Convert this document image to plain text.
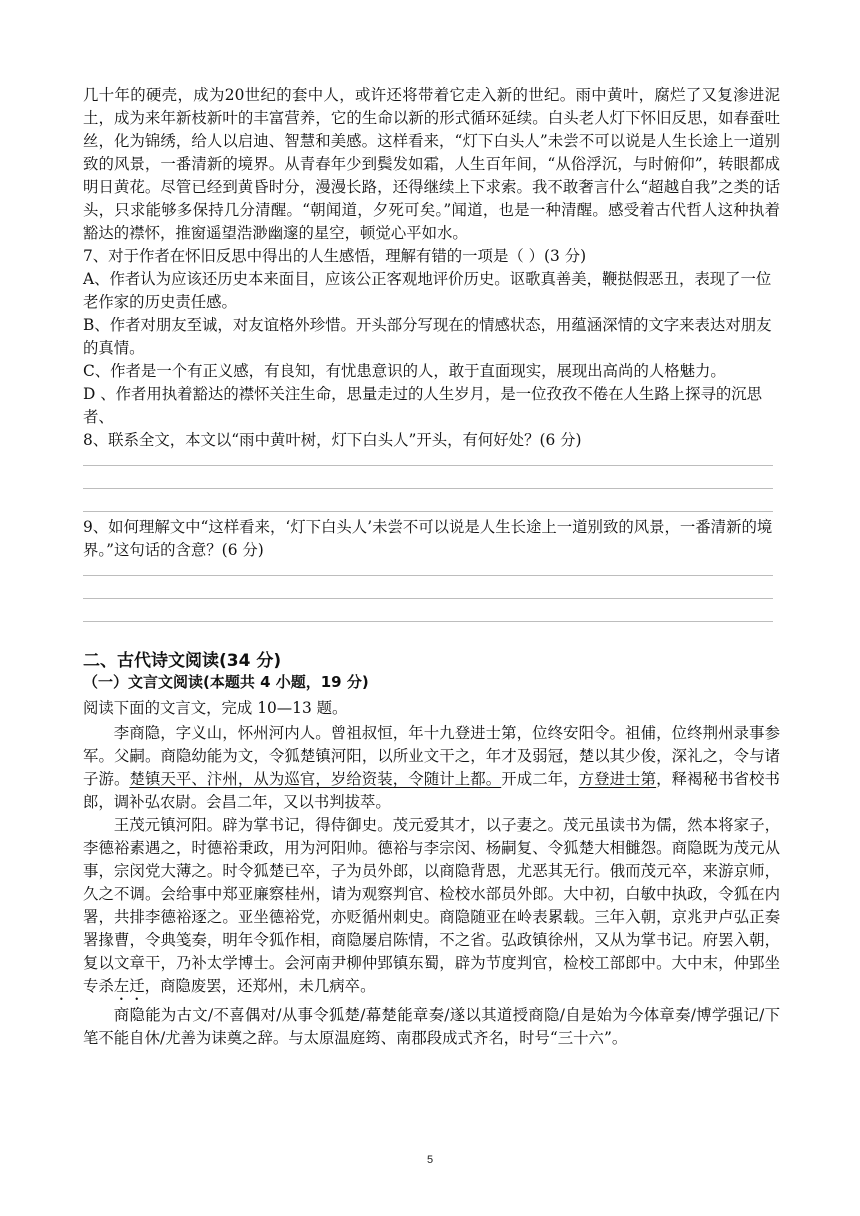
几十年的硬壳，成为20世纪的套中人，或许还将带着它走入新的世纪。雨中黄叶，腐烂了又复渗进泥土，成为来年新枝新叶的丰富营养，它的生命以新的形式循环延续。白头老人灯下怀旧反思，如春蚕吐丝，化为锦绣，给人以启迪、智慧和美感。这样看来，“灯下白头人”未尝不可以说是人生长途上一道别致的风景，一番清新的境界。从青春年少到鬓发如霜，人生百年间，“从俗浮沉，与时俯仰”，转眼都成明日黄花。尽管已经到黄昏时分，漫漫长路，还得继续上下求索。我不敢奢言什么“超越自我”之类的话头，只求能够多保持几分清醒。“朝闻道，夕死可矣。”闻道，也是一种清醒。感受着古代哲人这种执着豁达的襟怀，推窗遥望浩渺幽邃的星空，顿觉心平如水。

7、对于作者在怀旧反思中得出的人生感悟，理解有错的一项是（ ）(3 分)

A、作者认为应该还历史本来面目，应该公正客观地评价历史。讴歌真善美，鞭挞假恶丑，表现了一位老作家的历史责任感。

B、作者对朋友至诚，对友谊格外珍惜。开头部分写现在的情感状态，用蕴涵深情的文字来表达对朋友的真情。

C、作者是一个有正义感，有良知，有忧患意识的人，敢于直面现实，展现出高尚的人格魅力。

D 、作者用执着豁达的襟怀关注生命，思量走过的人生岁月，是一位孜孜不倦在人生路上探寻的沉思者、

8、联系全文，本文以“雨中黄叶树，灯下白头人”开头，有何好处？(6 分)

9、如何理解文中“这样看来，‘灯下白头人’未尝不可以说是人生长途上一道别致的风景，一番清新的境界。”这句话的含意？(6 分)

二、古代诗文阅读(34 分)

（一）文言文阅读(本题共 4 小题，19 分)

阅读下面的文言文，完成 10—13 题。

李商隐，字义山，怀州河内人。曾祖叔恒，年十九登进士第，位终安阳令。祖俌，位终荆州录事参军。父嗣。商隐幼能为文，令狐楚镇河阳，以所业文干之，年才及弱冠，楚以其少俊，深礼之，令与诸子游。楚镇天平、汴州，从为巡官，岁给资装，令随计上都。开成二年，方登进士第，释褐秘书省校书郎，调补弘农尉。会昌二年，又以书判拔萃。

王茂元镇河阳。辟为掌书记，得侍御史。茂元爱其才，以子妻之。茂元虽读书为儒，然本将家子，李德裕素遇之，时德裕秉政，用为河阳帅。德裕与李宗闵、杨嗣复、令狐楚大相雠怨。商隐既为茂元从事，宗闵党大薄之。时令狐楚已卒，子为员外郎，以商隐背恩，尤恶其无行。俄而茂元卒，来游京师，久之不调。会给事中郑亚廉察桂州，请为观察判官、检校水部员外郎。大中初，白敏中执政，令狐在内署，共排李德裕逐之。亚坐德裕党，亦贬循州刺史。商隐随亚在岭表累载。三年入朝，京兆尹卢弘正奏署掾曹，令典笺奏，明年令狐作相，商隐屡启陈情，不之省。弘政镇徐州，又从为掌书记。府罢入朝，复以文章干，乃补太学博士。会河南尹柳仲郢镇东蜀，辟为节度判官，检校工部郎中。大中末，仲郢坐专杀左迁，商隐废罢，还郑州，未几病卒。

商隐能为古文/不喜偶对/从事令狐楚/幕楚能章奏/遂以其道授商隐/自是始为今体章奏/博学强记/下笔不能自休/尤善为诔奠之辞。与太原温庭筠、南郡段成式齐名，时号“三十六”。

5
